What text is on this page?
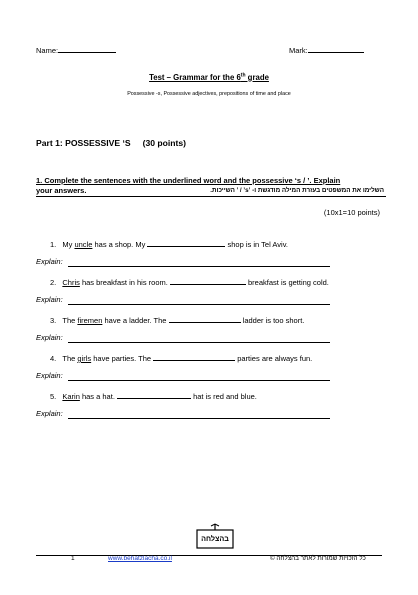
Name:	Mark:
Test – Grammar for the 6th grade
Possessive -s, Possessive adjectives, prepositions of time and place
Part 1: POSSESSIVE ‘S (30 points)
1. Complete the sentences with the underlined word and the possessive ‘s / ’. Explain
your answers.	השלימו את המשפטים בעזרת המילה מודגשת ו- ’s’ / ’ השייכות.
(10x1=10 points)
1. My uncle has a shop. My	shop is in Tel Aviv.
Explain:
2. Chris has breakfast in his room.	breakfast is getting cold.
Explain:
3. The firemen have a ladder. The	ladder is too short.
Explain:
4. The girls have parties. The	parties are always fun.
Explain:
5. Karin has a hat.	hat is red and blue.
Explain:
1	www.behatzlacha.co.il	כל הזכויות שמורות לאתר בהצלחה ©
בהצלחה
